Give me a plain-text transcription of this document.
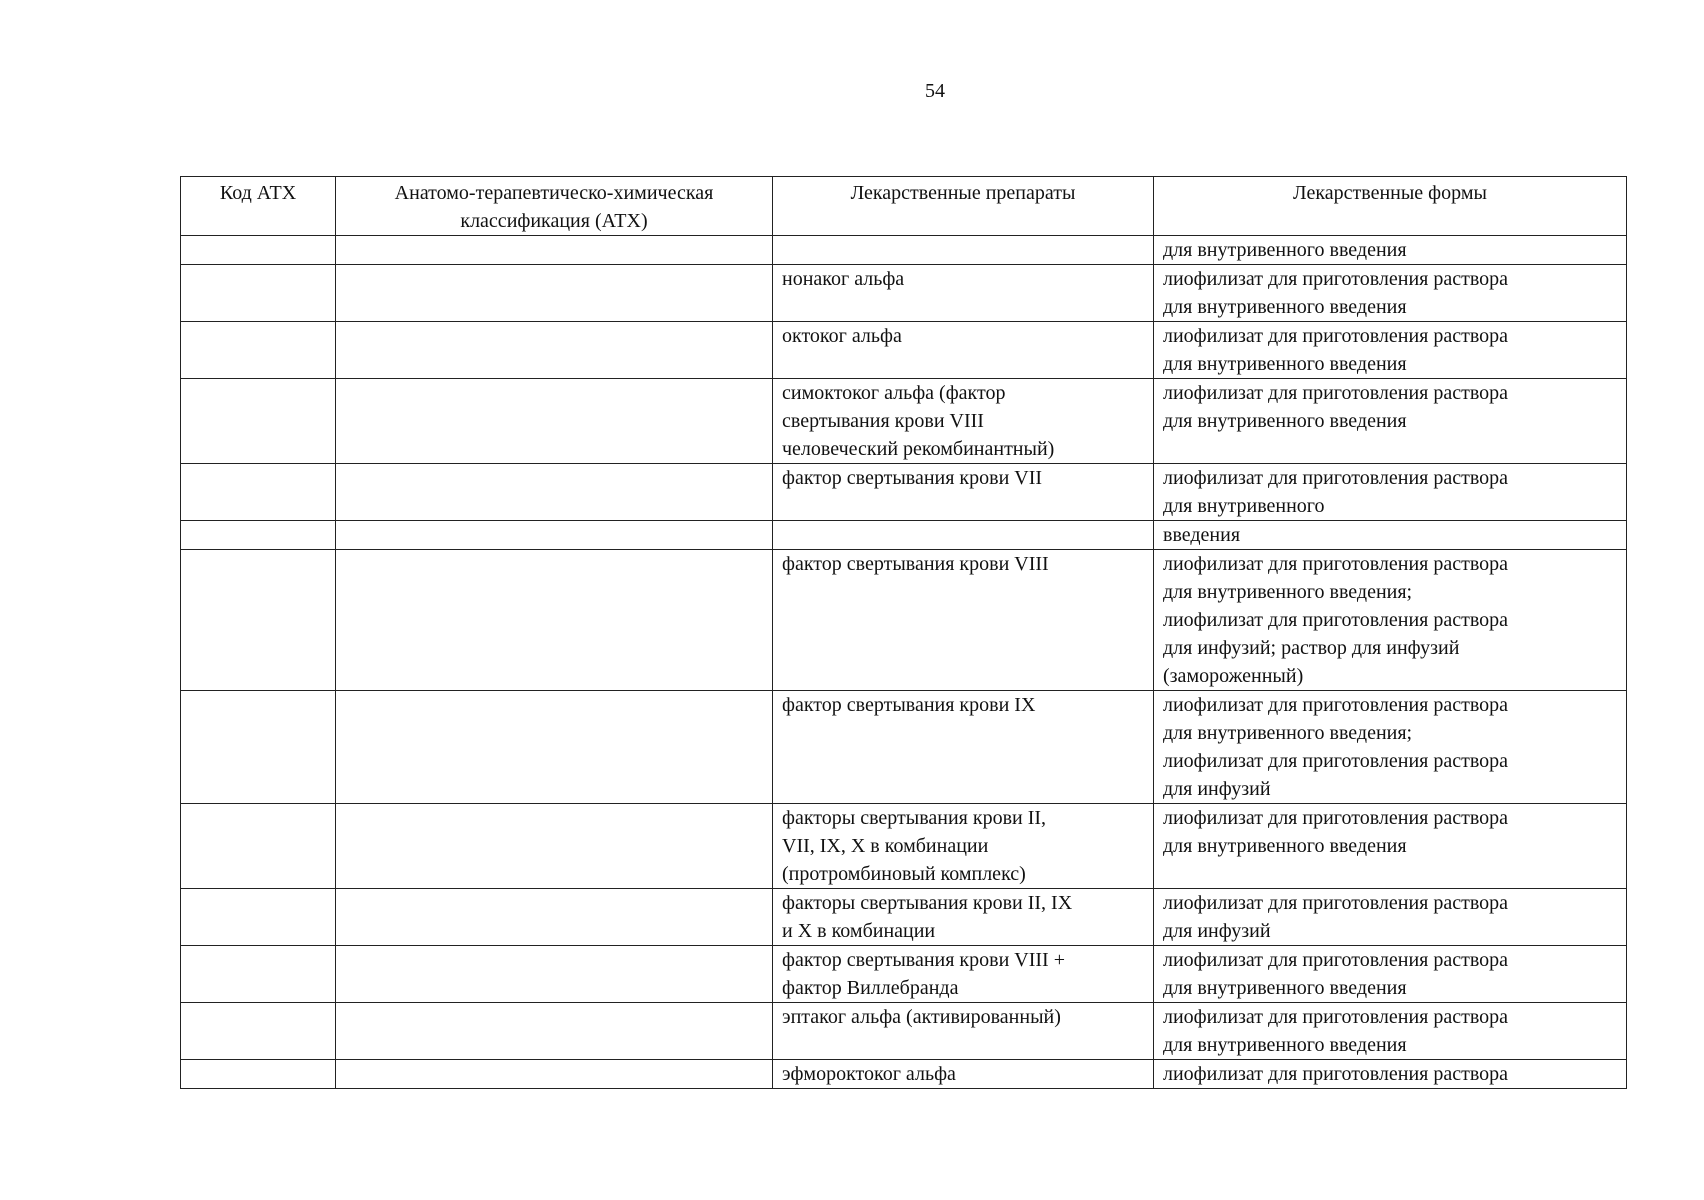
54
Код АТХ	Анатомо-терапевтическо-химическая классификация (АТХ)	Лекарственные препараты	Лекарственные формы
			для внутривенного введения
		нонаког альфа	лиофилизат для приготовления раствора
для внутривенного введения
		октоког альфа	лиофилизат для приготовления раствора
для внутривенного введения
		симоктоког альфа (фактор
свертывания крови VIII
человеческий рекомбинантный)	лиофилизат для приготовления раствора
для внутривенного введения
		фактор свертывания крови VII	лиофилизат для приготовления раствора
для внутривенного
			введения
		фактор свертывания крови VIII	лиофилизат для приготовления раствора
для внутривенного введения;
лиофилизат для приготовления раствора
для инфузий; раствор для инфузий
(замороженный)
		фактор свертывания крови IX	лиофилизат для приготовления раствора
для внутривенного введения;
лиофилизат для приготовления раствора
для инфузий
		факторы свертывания крови II,
VII, IX, X в комбинации
(протромбиновый комплекс)	лиофилизат для приготовления раствора
для внутривенного введения
		факторы свертывания крови II, IX
и X в комбинации	лиофилизат для приготовления раствора
для инфузий
		фактор свертывания крови VIII +
фактор Виллебранда	лиофилизат для приготовления раствора
для внутривенного введения
		эптаког альфа (активированный)	лиофилизат для приготовления раствора
для внутривенного введения
		эфмороктоког альфа	лиофилизат для приготовления раствора
